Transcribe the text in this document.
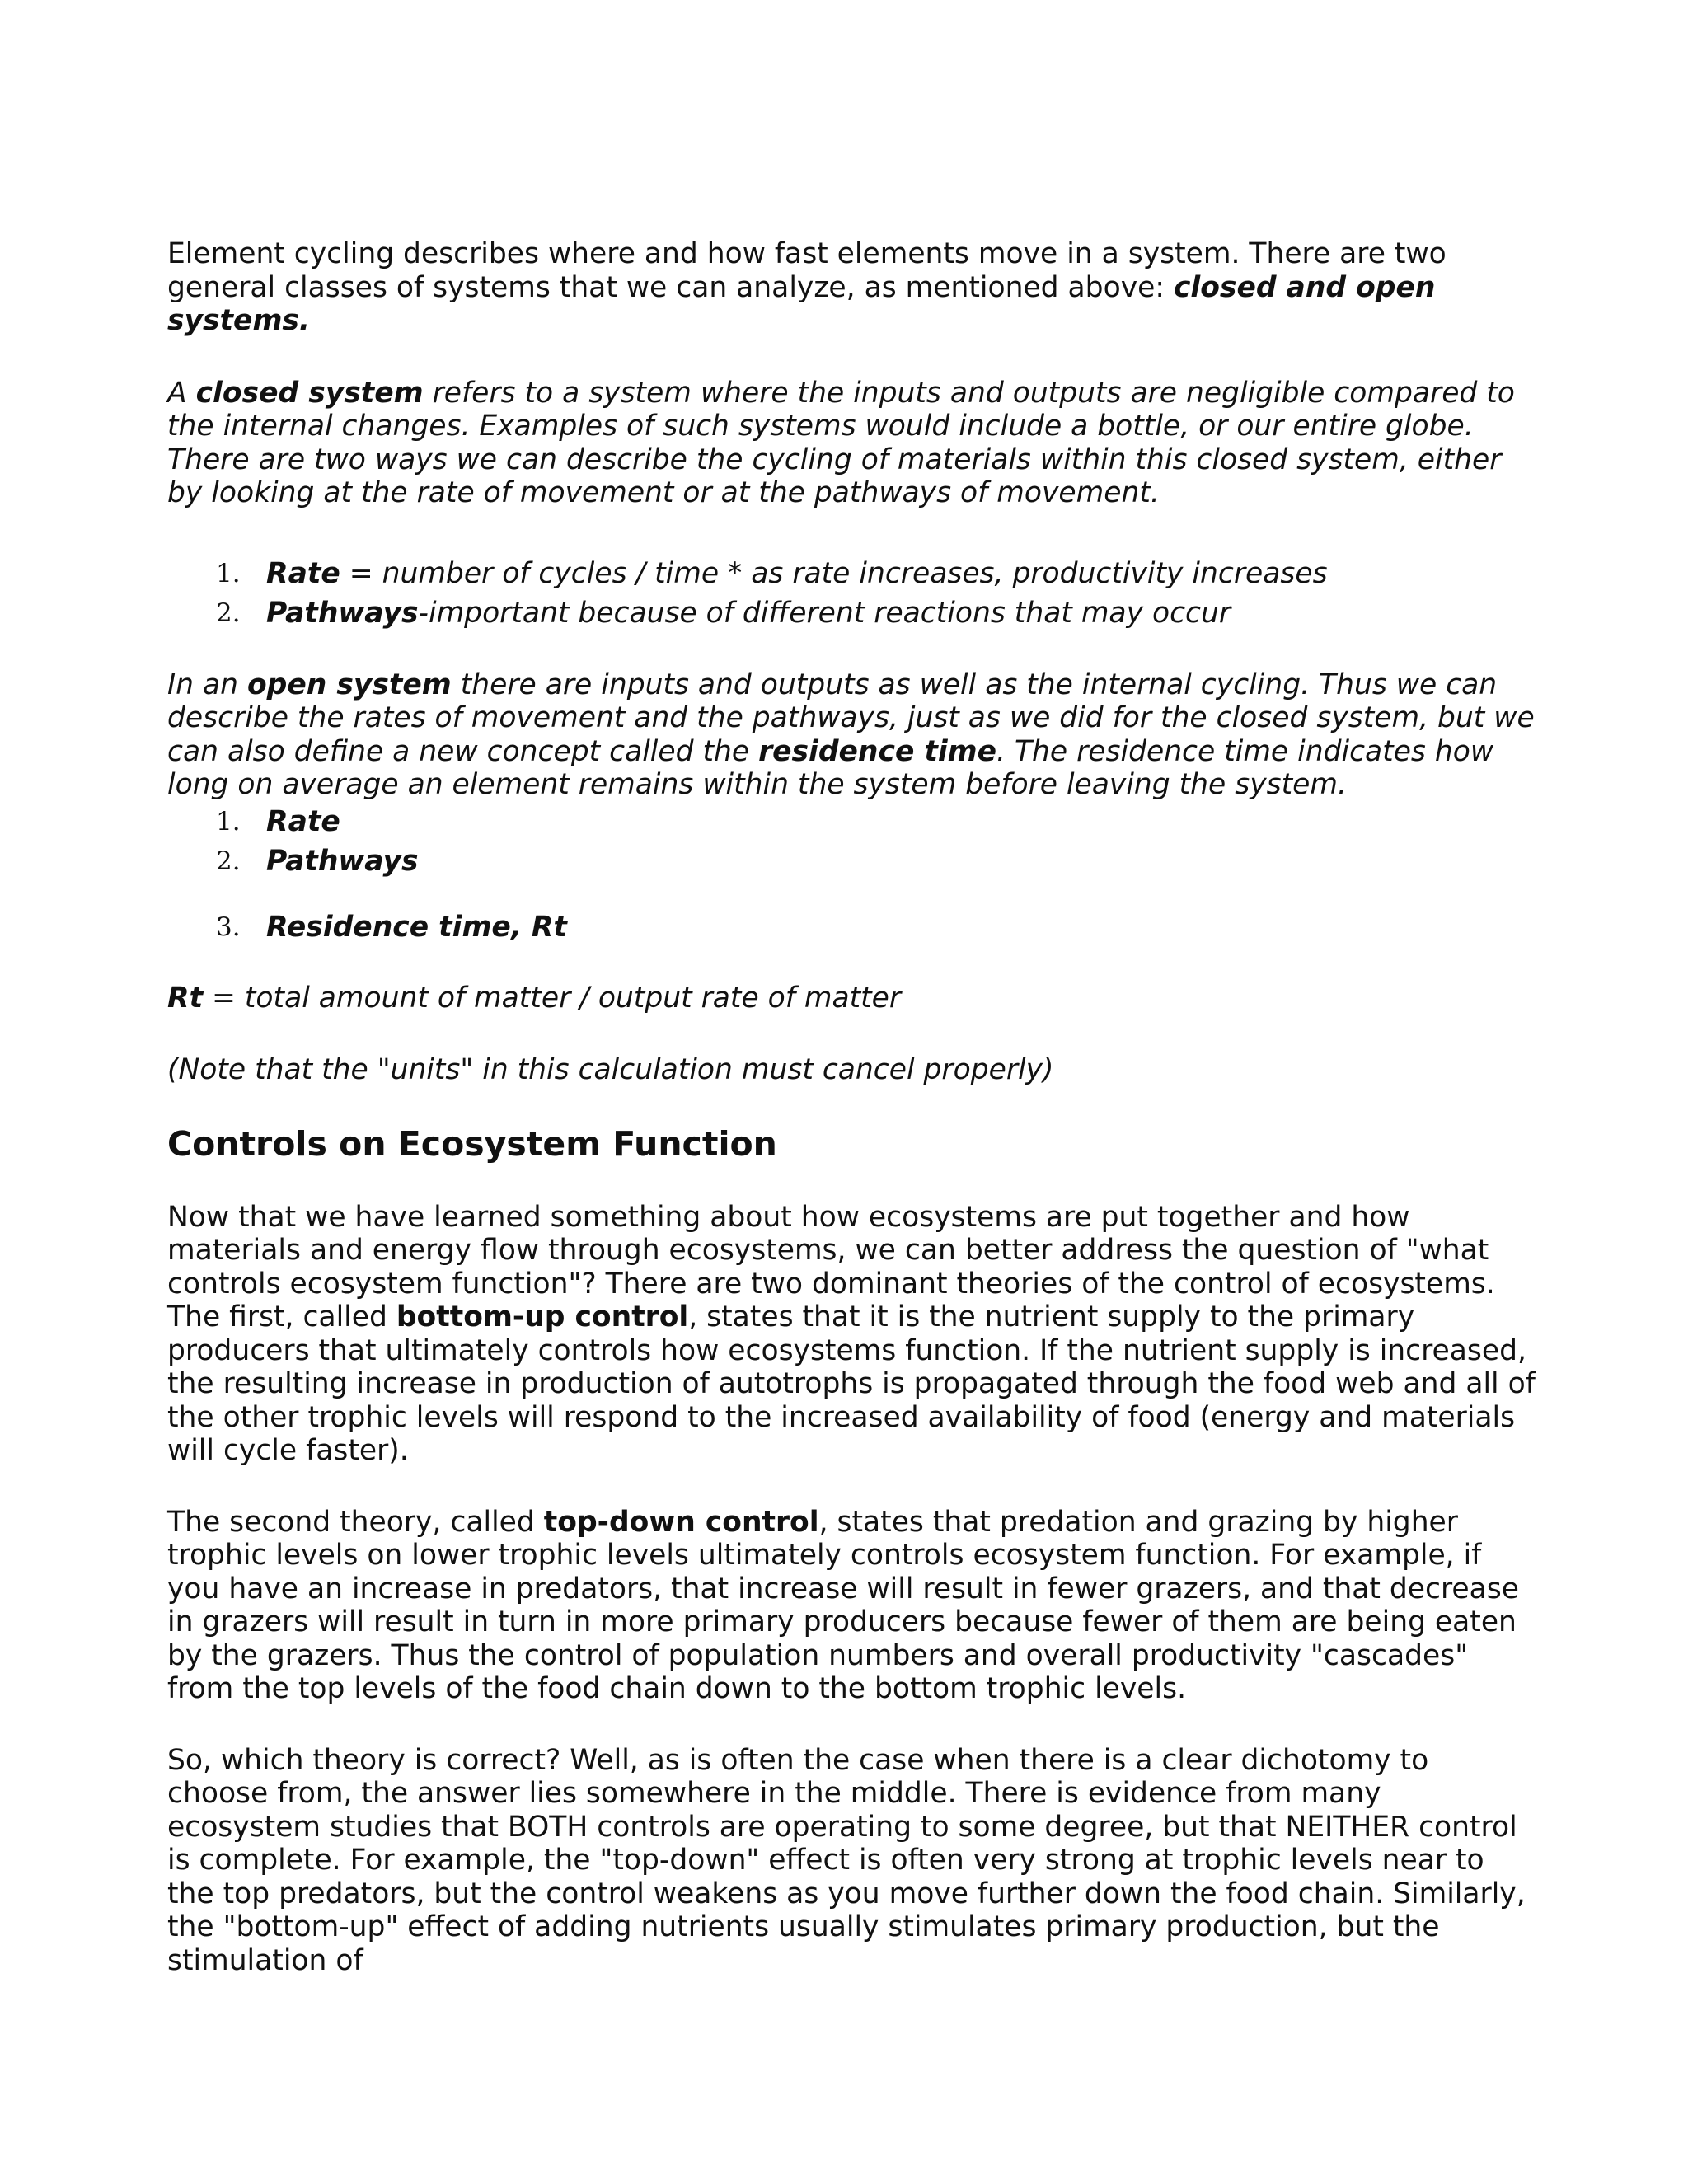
Element cycling describes where and how fast elements move in a system. There are two general classes of systems that we can analyze, as mentioned above: closed and open systems.

A closed system refers to a system where the inputs and outputs are negligible compared to the internal changes. Examples of such systems would include a bottle, or our entire globe. There are two ways we can describe the cycling of materials within this closed system, either by looking at the rate of movement or at the pathways of movement.

1. Rate = number of cycles / time * as rate increases, productivity increases
2. Pathways-important because of different reactions that may occur

In an open system there are inputs and outputs as well as the internal cycling. Thus we can describe the rates of movement and the pathways, just as we did for the closed system, but we can also define a new concept called the residence time. The residence time indicates how long on average an element remains within the system before leaving the system.

1. Rate
2. Pathways
3. Residence time, Rt

Rt = total amount of matter / output rate of matter

(Note that the "units" in this calculation must cancel properly)

Controls on Ecosystem Function

Now that we have learned something about how ecosystems are put together and how materials and energy flow through ecosystems, we can better address the question of "what controls ecosystem function"? There are two dominant theories of the control of ecosystems. The first, called bottom-up control, states that it is the nutrient supply to the primary producers that ultimately controls how ecosystems function. If the nutrient supply is increased, the resulting increase in production of autotrophs is propagated through the food web and all of the other trophic levels will respond to the increased availability of food (energy and materials will cycle faster).

The second theory, called top-down control, states that predation and grazing by higher trophic levels on lower trophic levels ultimately controls ecosystem function. For example, if you have an increase in predators, that increase will result in fewer grazers, and that decrease in grazers will result in turn in more primary producers because fewer of them are being eaten by the grazers. Thus the control of population numbers and overall productivity "cascades" from the top levels of the food chain down to the bottom trophic levels.

So, which theory is correct? Well, as is often the case when there is a clear dichotomy to choose from, the answer lies somewhere in the middle. There is evidence from many ecosystem studies that BOTH controls are operating to some degree, but that NEITHER control is complete. For example, the "top-down" effect is often very strong at trophic levels near to the top predators, but the control weakens as you move further down the food chain. Similarly, the "bottom-up" effect of adding nutrients usually stimulates primary production, but the stimulation of
